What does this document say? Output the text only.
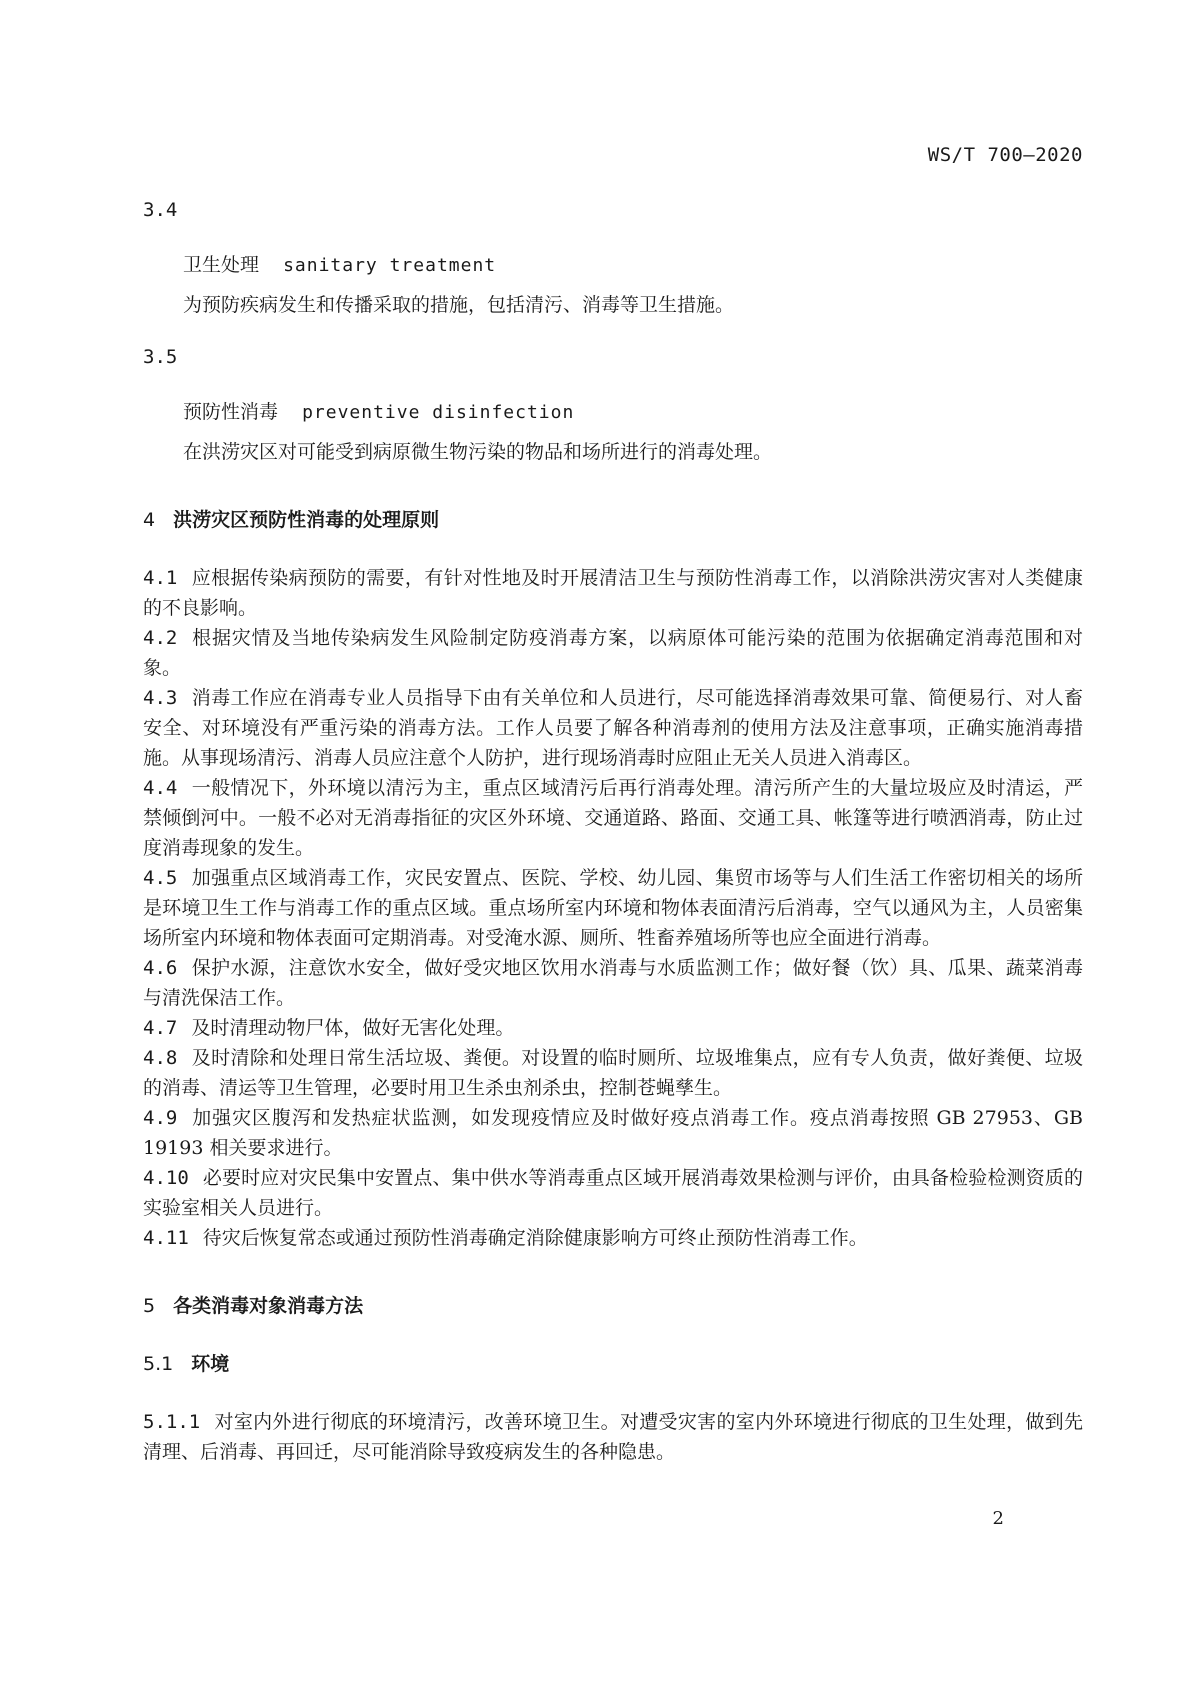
WS/T 700—2020

3.4

卫生处理 sanitary treatment

为预防疾病发生和传播采取的措施，包括清污、消毒等卫生措施。

3.5

预防性消毒 preventive disinfection

在洪涝灾区对可能受到病原微生物污染的物品和场所进行的消毒处理。

4 洪涝灾区预防性消毒的处理原则

4.1 应根据传染病预防的需要，有针对性地及时开展清洁卫生与预防性消毒工作，以消除洪涝灾害对人类健康的不良影响。

4.2 根据灾情及当地传染病发生风险制定防疫消毒方案，以病原体可能污染的范围为依据确定消毒范围和对象。

4.3 消毒工作应在消毒专业人员指导下由有关单位和人员进行，尽可能选择消毒效果可靠、简便易行、对人畜安全、对环境没有严重污染的消毒方法。工作人员要了解各种消毒剂的使用方法及注意事项，正确实施消毒措施。从事现场清污、消毒人员应注意个人防护，进行现场消毒时应阻止无关人员进入消毒区。

4.4 一般情况下，外环境以清污为主，重点区域清污后再行消毒处理。清污所产生的大量垃圾应及时清运，严禁倾倒河中。一般不必对无消毒指征的灾区外环境、交通道路、路面、交通工具、帐篷等进行喷洒消毒，防止过度消毒现象的发生。

4.5 加强重点区域消毒工作，灾民安置点、医院、学校、幼儿园、集贸市场等与人们生活工作密切相关的场所是环境卫生工作与消毒工作的重点区域。重点场所室内环境和物体表面清污后消毒，空气以通风为主，人员密集场所室内环境和物体表面可定期消毒。对受淹水源、厕所、牲畜养殖场所等也应全面进行消毒。

4.6 保护水源，注意饮水安全，做好受灾地区饮用水消毒与水质监测工作；做好餐（饮）具、瓜果、蔬菜消毒与清洗保洁工作。

4.7 及时清理动物尸体，做好无害化处理。

4.8 及时清除和处理日常生活垃圾、粪便。对设置的临时厕所、垃圾堆集点，应有专人负责，做好粪便、垃圾的消毒、清运等卫生管理，必要时用卫生杀虫剂杀虫，控制苍蝇孳生。

4.9 加强灾区腹泻和发热症状监测，如发现疫情应及时做好疫点消毒工作。疫点消毒按照 GB 27953、GB 19193 相关要求进行。

4.10 必要时应对灾民集中安置点、集中供水等消毒重点区域开展消毒效果检测与评价，由具备检验检测资质的实验室相关人员进行。

4.11 待灾后恢复常态或通过预防性消毒确定消除健康影响方可终止预防性消毒工作。

5 各类消毒对象消毒方法

5.1 环境

5.1.1 对室内外进行彻底的环境清污，改善环境卫生。对遭受灾害的室内外环境进行彻底的卫生处理，做到先清理、后消毒、再回迁，尽可能消除导致疫病发生的各种隐患。

2
